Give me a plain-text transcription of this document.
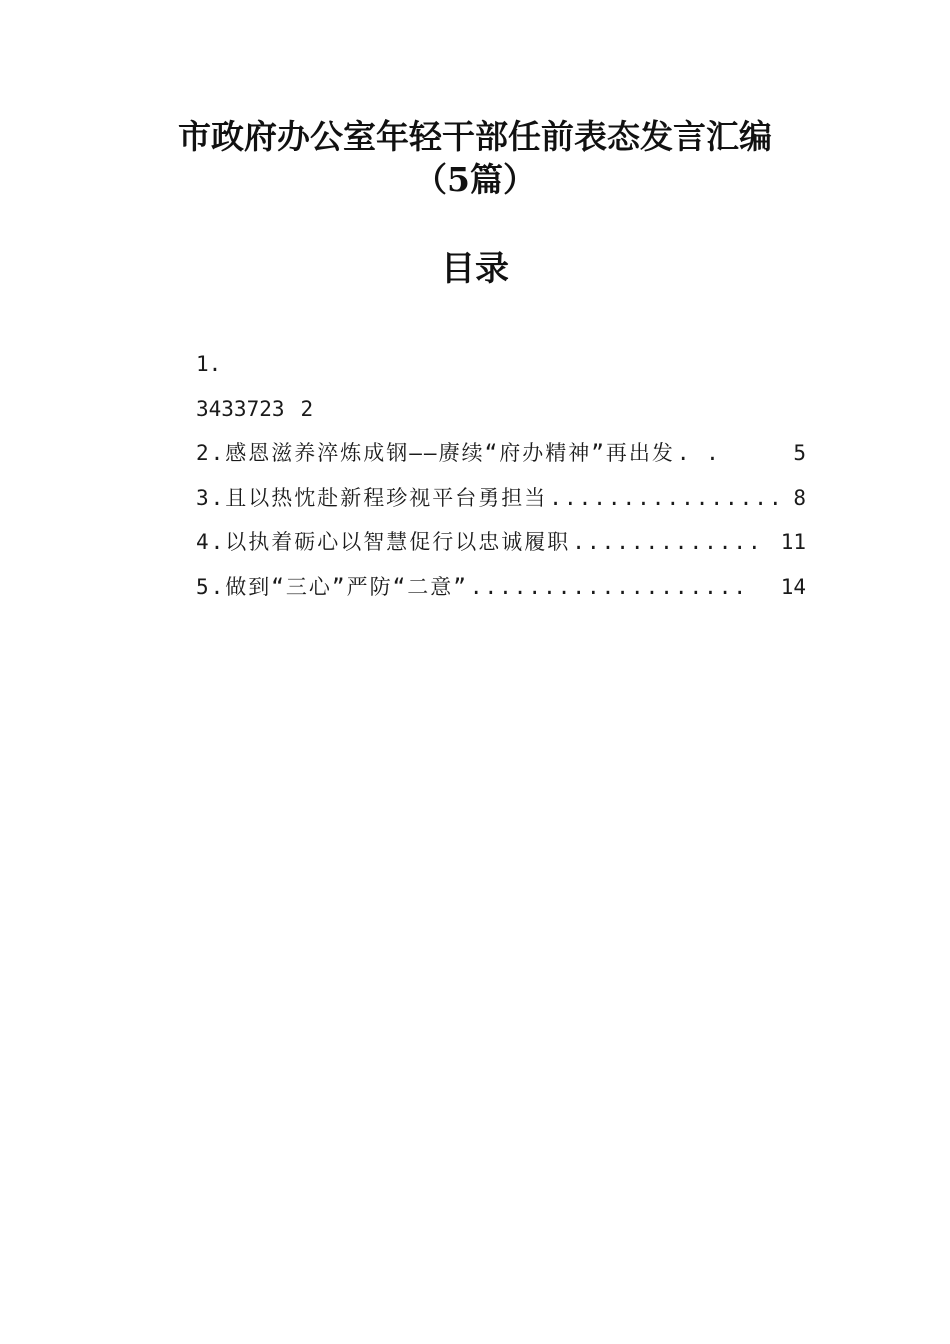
市政府办公室年轻干部任前表态发言汇编
（5篇）
目录
1.
3433723 2
2.感恩滋养淬炼成钢——赓续“府办精神”再出发 . .	5
3.且以热忱赴新程珍视平台勇担当 ................ 8
4.以执着砺心以智慧促行以忠诚履职 ............. 11
5.做到“三心”严防“二意” ...................	14
